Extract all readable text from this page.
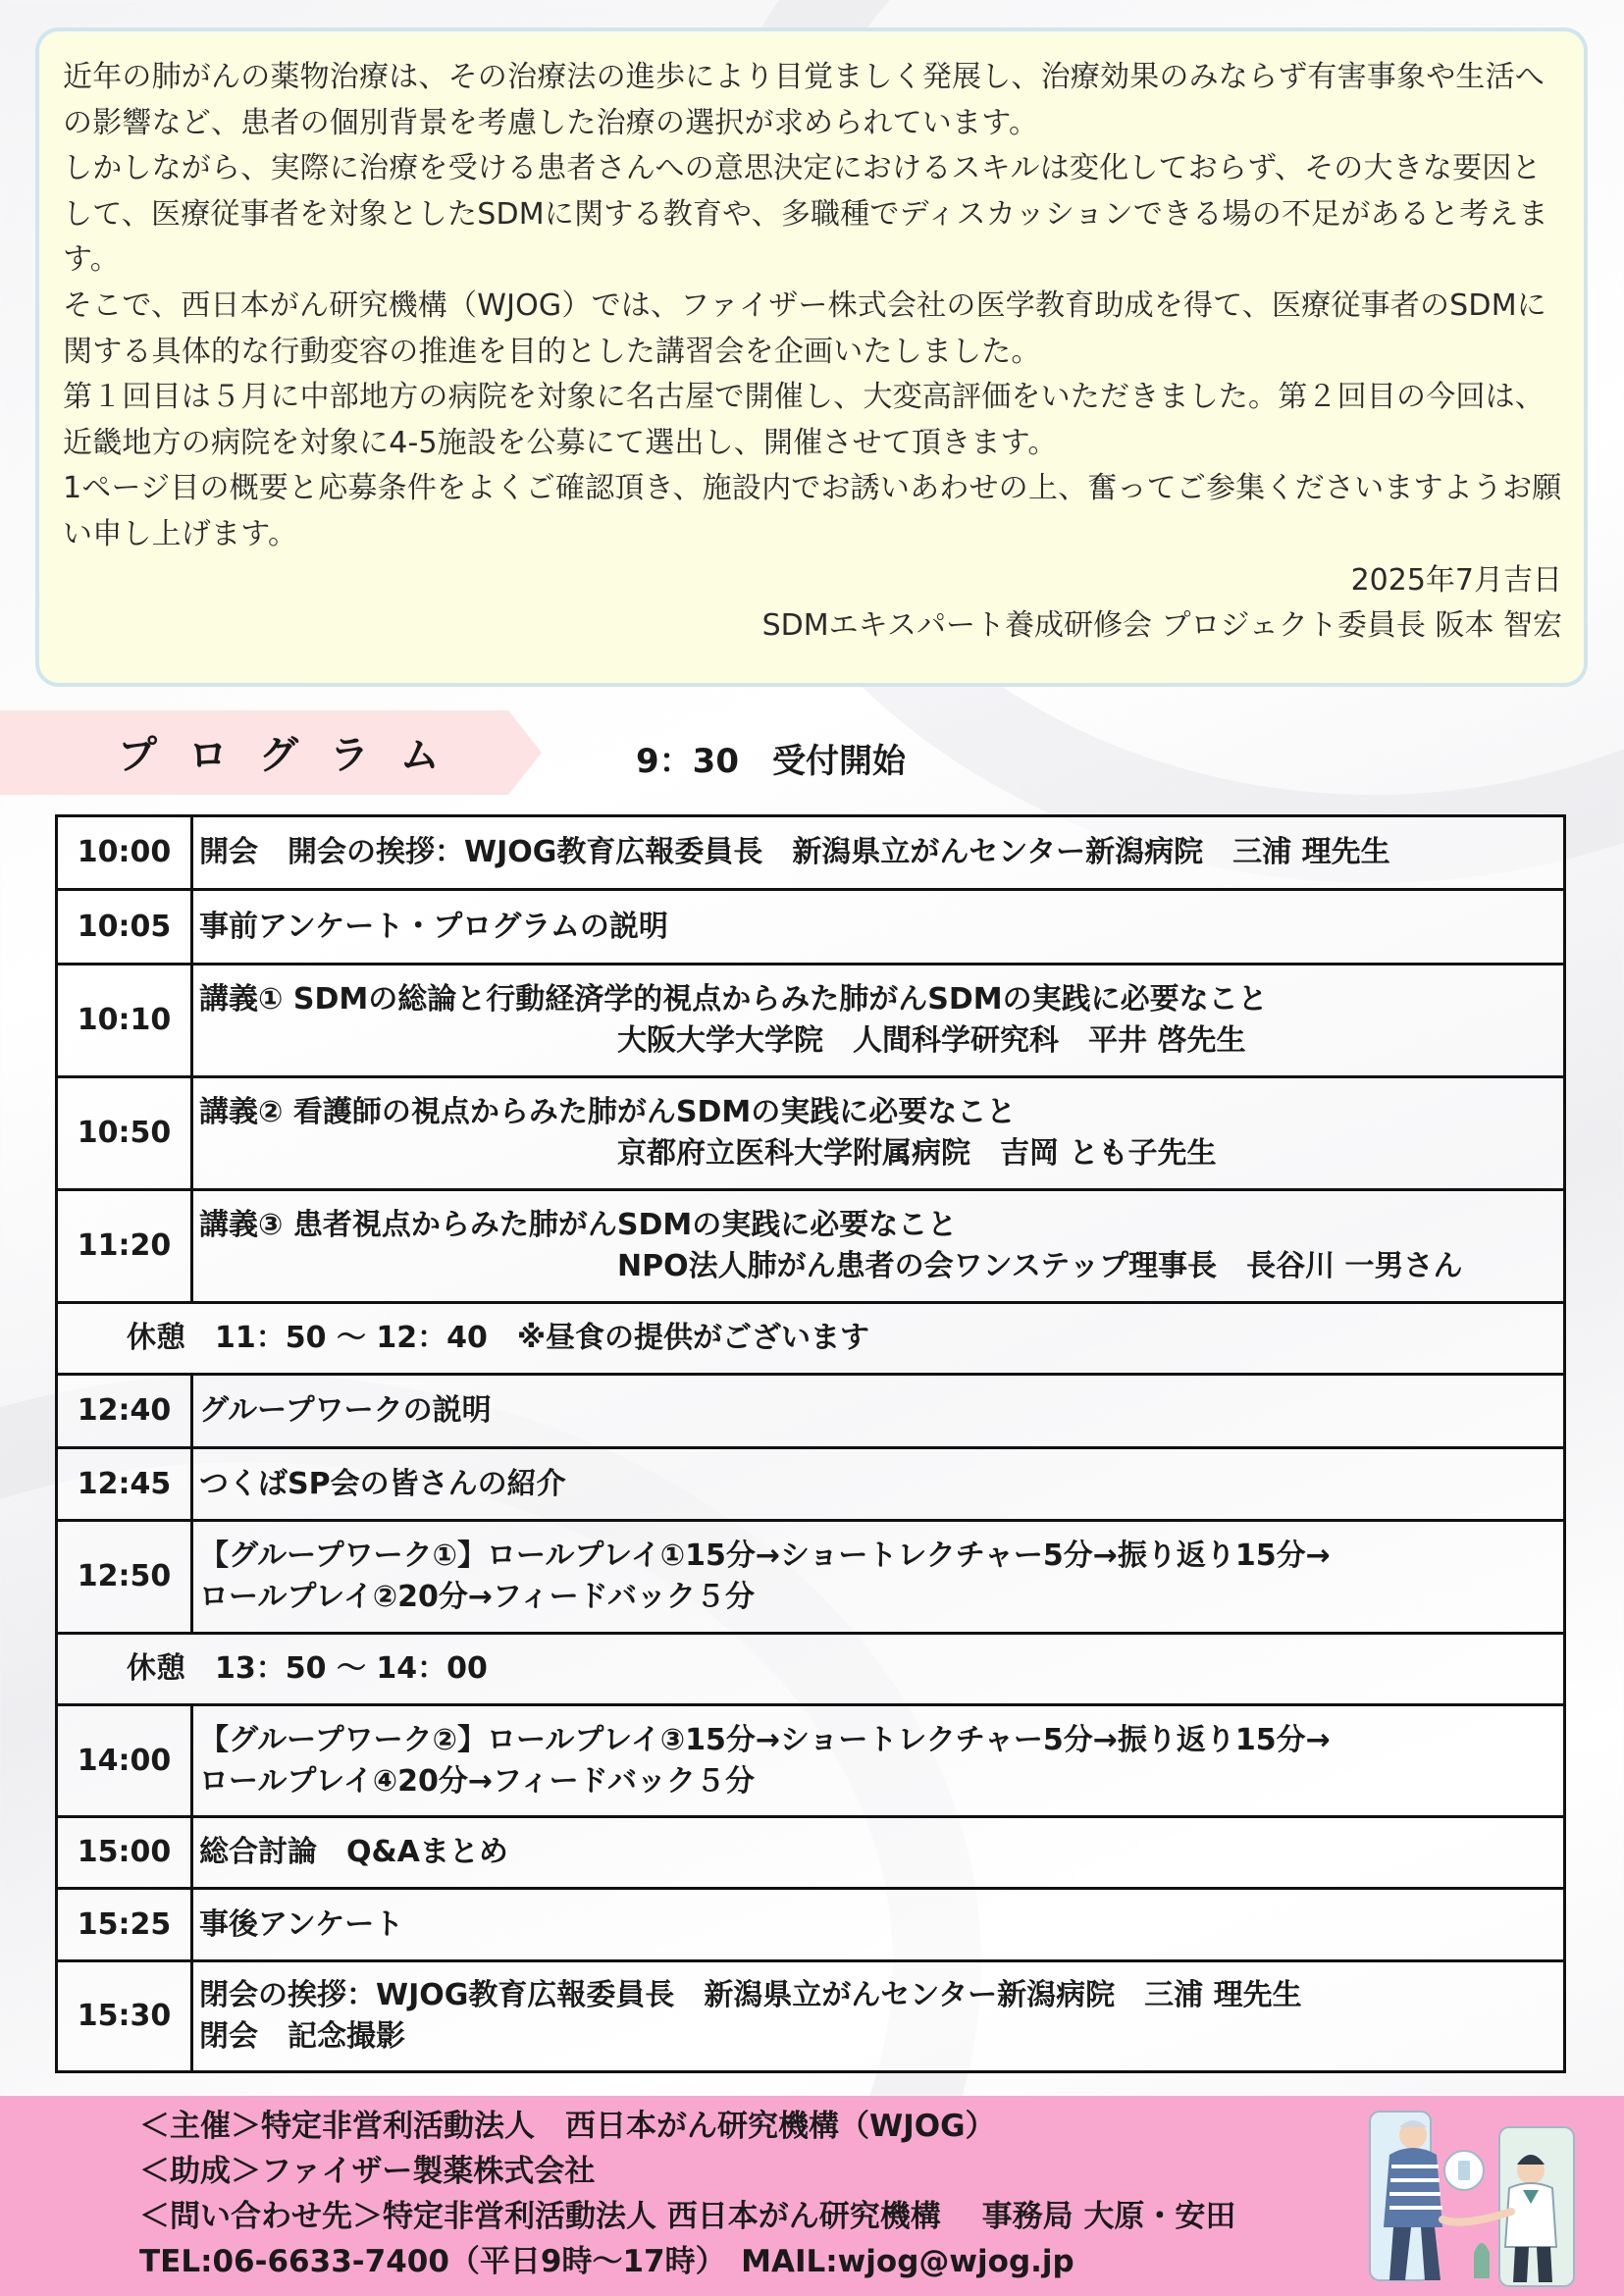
近年の肺がんの薬物治療は、その治療法の進歩により目覚ましく発展し、治療効果のみならず有害事象や生活への影響など、患者の個別背景を考慮した治療の選択が求められています。

しかしながら、実際に治療を受ける患者さんへの意思決定におけるスキルは変化しておらず、その大きな要因として、医療従事者を対象としたSDMに関する教育や、多職種でディスカッションできる場の不足があると考えます。

そこで、西日本がん研究機構（WJOG）では、ファイザー株式会社の医学教育助成を得て、医療従事者のSDMに関する具体的な行動変容の推進を目的とした講習会を企画いたしました。

第１回目は５月に中部地方の病院を対象に名古屋で開催し、大変高評価をいただきました。第２回目の今回は、近畿地方の病院を対象に4-5施設を公募にて選出し、開催させて頂きます。

1ページ目の概要と応募条件をよくご確認頂き、施設内でお誘いあわせの上、奮ってご参集くださいますようお願い申し上げます。

2025年7月吉日

SDMエキスパート養成研修会 プロジェクト委員長 阪本 智宏

プログラム	9：30　受付開始
10:00	開会　開会の挨拶：WJOG教育広報委員長　新潟県立がんセンター新潟病院　三浦 理先生
10:05	事前アンケート・プログラムの説明
10:10	講義① SDMの総論と行動経済学的視点からみた肺がんSDMの実践に必要なこと
大阪大学大学院　人間科学研究科　平井 啓先生

10:50	講義② 看護師の視点からみた肺がんSDMの実践に必要なこと
京都府立医科大学附属病院　吉岡 とも子先生

11:20	講義③ 患者視点からみた肺がんSDMの実践に必要なこと
NPO法人肺がん患者の会ワンステップ理事長　長谷川 一男さん

休憩　11：50 ～ 12：40　※昼食の提供がございます	
12:40	グループワークの説明
12:45	つくばSP会の皆さんの紹介
12:50	【グループワーク①】ロールプレイ①15分→ショートレクチャー5分→振り返り15分→
ロールプレイ②20分→フィードバック５分
休憩　13：50 ～ 14：00	
14:00	【グループワーク②】ロールプレイ③15分→ショートレクチャー5分→振り返り15分→
ロールプレイ④20分→フィードバック５分
15:00	総合討論　Q&Aまとめ
15:25	事後アンケート
15:30	閉会の挨拶：WJOG教育広報委員長　新潟県立がんセンター新潟病院　三浦 理先生
閉会　記念撮影
＜主催＞特定非営利活動法人　西日本がん研究機構（WJOG）
＜助成＞ファイザー製薬株式会社
＜問い合わせ先＞特定非営利活動法人 西日本がん研究機構　 事務局 大原・安田
TEL:06-6633-7400（平日9時～17時）　MAIL:wjog@wjog.jp
